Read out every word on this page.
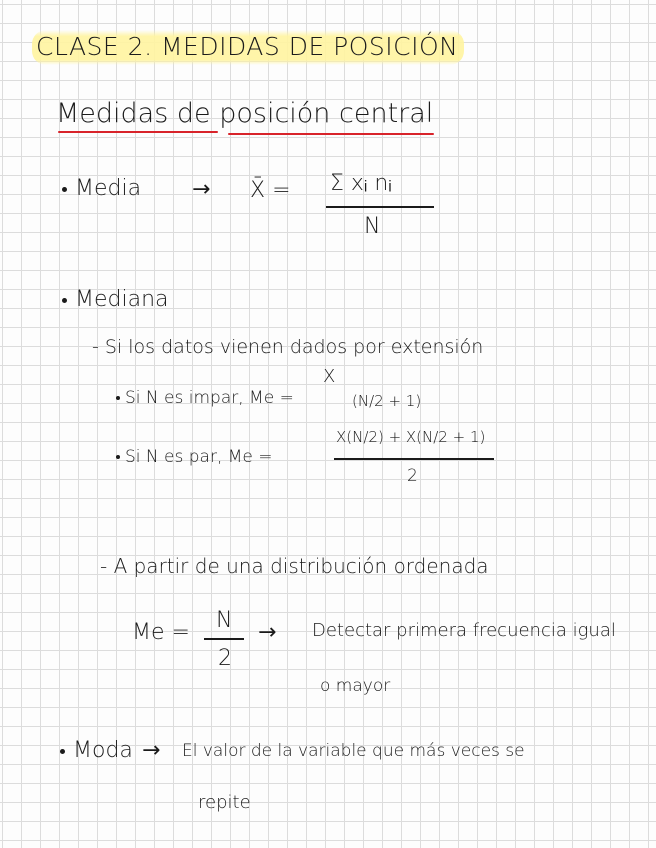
CLASE 2. MEDIDAS DE POSICIÓN
Medidas de posición central
Media → X̄ = Σ xᵢ nᵢ
N
Mediana
- Si los datos vienen dados por extensión
Si N es impar, Me =
X
(N/2 + 1)
Si N es par, Me =
X(N/2) + X(N/2 + 1)
2
- A partir de una distribución ordenada
Me = N
2
→ Detectar primera frecuencia igual
o mayor
Moda → El valor de la variable que más veces se
repite
